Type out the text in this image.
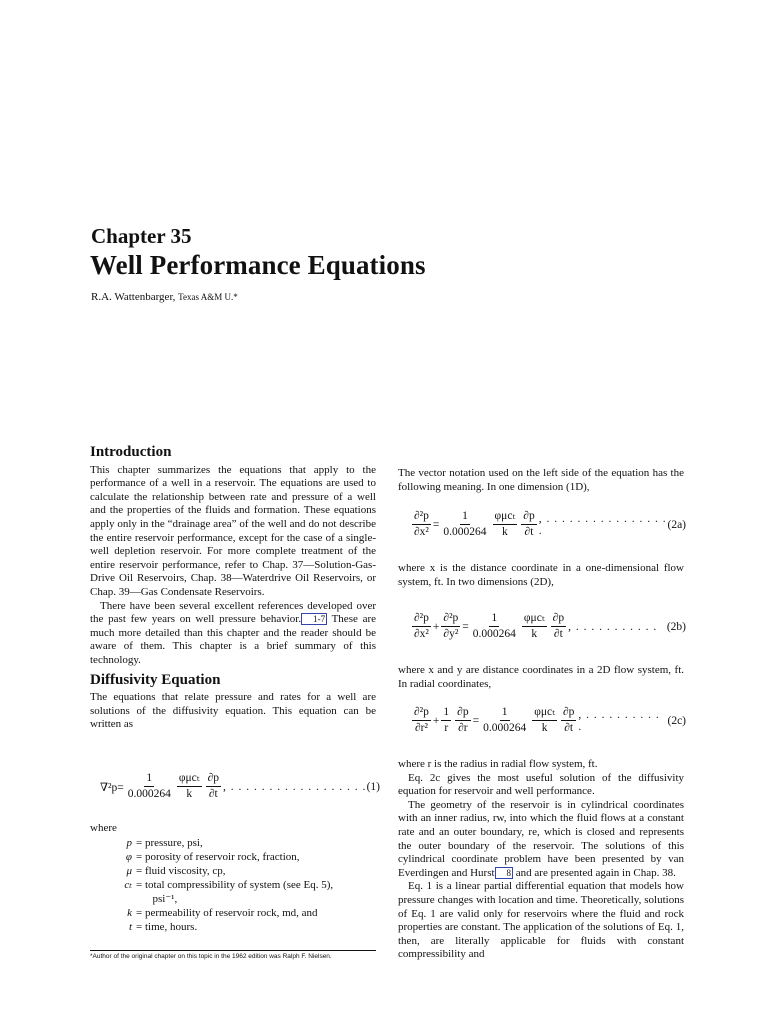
Chapter 35
Well Performance Equations
R.A. Wattenbarger, Texas A&M U.*
Introduction

This chapter summarizes the equations that apply to the performance of a well in a reservoir. The equations are used to calculate the relationship between rate and pressure of a well and the properties of the fluids and formation. These equations apply only in the “drainage area” of the well and do not describe the entire reservoir performance, except for the case of a single-well depletion reservoir. For more complete treatment of the entire reservoir performance, refer to Chap. 37—Solution-Gas-Drive Oil Reservoirs, Chap. 38—Waterdrive Oil Reservoirs, or Chap. 39—Gas Condensate Reservoirs.

There have been several excellent references developed over the past few years on well pressure behavior. 1-7 These are much more detailed than this chapter and the reader should be aware of them. This chapter is a brief summary of this technology.

Diffusivity Equation

The equations that relate pressure and rates for a well are solutions of the diffusivity equation. This equation can be written as

$\nabla^2p= \frac{1}{0.000264} \frac{\text{φμcₜ}}{k} \frac{\partial p}{\partial t}$ , . . . . . . . . . . . . . . . . . . (1)
where
p = pressure, psi,
φ = porosity of reservoir rock, fraction,
μ = fluid viscosity, cp,
cₜ = total compressibility of system (see Eq. 5),
psi⁻¹,
k = permeability of reservoir rock, md, and
t = time, hours.
*Author of the original chapter on this topic in the 1962 edition was Ralph F. Nielsen.

The vector notation used on the left side of the equation has the following meaning. In one dimension (1D),

$\frac{\text{∂²p}}{\text{∂x²}} = \frac{1}{0.000264} \frac{\text{φμcₜ}}{k} \frac{\partial p}{\partial t}$ , . . . . . . . . . . . . . . . . .	(2a)

where x is the distance coordinate in a one-dimensional flow system, ft. In two dimensions (2D),

$\frac{\text{∂²p}}{\text{∂x²}} + \frac{\text{∂²p}}{\text{∂y²}} = \frac{1}{0.000264} \frac{\text{φμcₜ}}{k} \frac{\partial p}{\partial t}$ , . . . . . . . . . . . (2b)

where x and y are distance coordinates in a 2D flow system, ft. In radial coordinates,

$\frac{\text{∂²p}}{\text{∂r²}} + \frac{1}{r} \frac{\partial p}{\partial r} = \frac{1}{0.000264} \frac{\text{φμcₜ}}{k} \frac{\partial p}{\partial t}$ , . . . . . . . . . . .	(2c)

where r is the radius in radial flow system, ft.

Eq. 2c gives the most useful solution of the diffusivity equation for reservoir and well performance.

The geometry of the reservoir is in cylindrical coordinates with an inner radius, rw, into which the fluid flows at a constant rate and an outer boundary, re, which is closed and represents the outer boundary of the reservoir. The solutions of this cylindrical coordinate problem have been presented by van Everdingen and Hurst 8 and are presented again in Chap. 38.

Eq. 1 is a linear partial differential equation that models how pressure changes with location and time. Theoretically, solutions of Eq. 1 are valid only for reservoirs where the fluid and rock properties are constant. The application of the solutions of Eq. 1, then, are literally applicable for fluids with constant compressibility and
